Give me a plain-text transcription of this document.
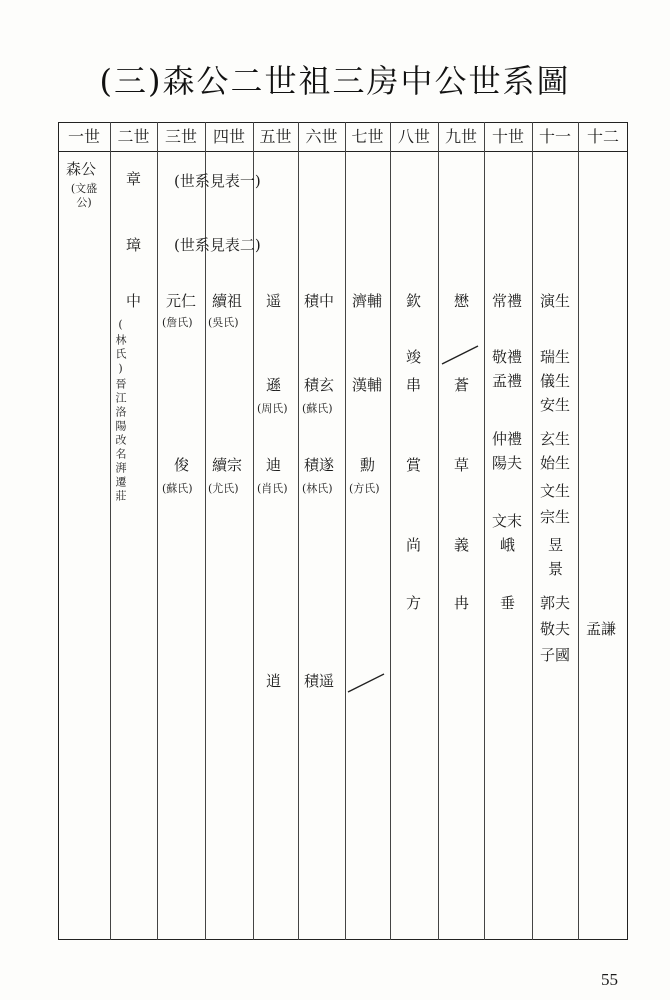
(三)森公二世祖三房中公世系圖
一世	二世 三世 四世 五世 六世 七世 八世 九世 十世 十一 十二
森公
(文盛公)
章
璋
中
(林氏)晉江洛陽改名湃遷莊
(世系見表一)
(世系見表二)
元仁
(詹氏)
俊
(蘇氏)
續祖
(吳氏)
續宗
(尤氏)
遥
遜
(周氏)
迪
(肖氏)
逍
積中
積玄
(蘇氏)
積遂
(林氏)
積遥
濟輔
漢輔
勳
(方氏)
欽
竣
串
賞
尚
方
懋
蒼
草
義
冉
常禮
敬禮
孟禮
仲禮
陽夫
文末
峨
垂
演生
瑞生
儀生
安生
玄生
始生
文生
宗生
昱
景
郭夫
敬夫
子國
孟謙
55
